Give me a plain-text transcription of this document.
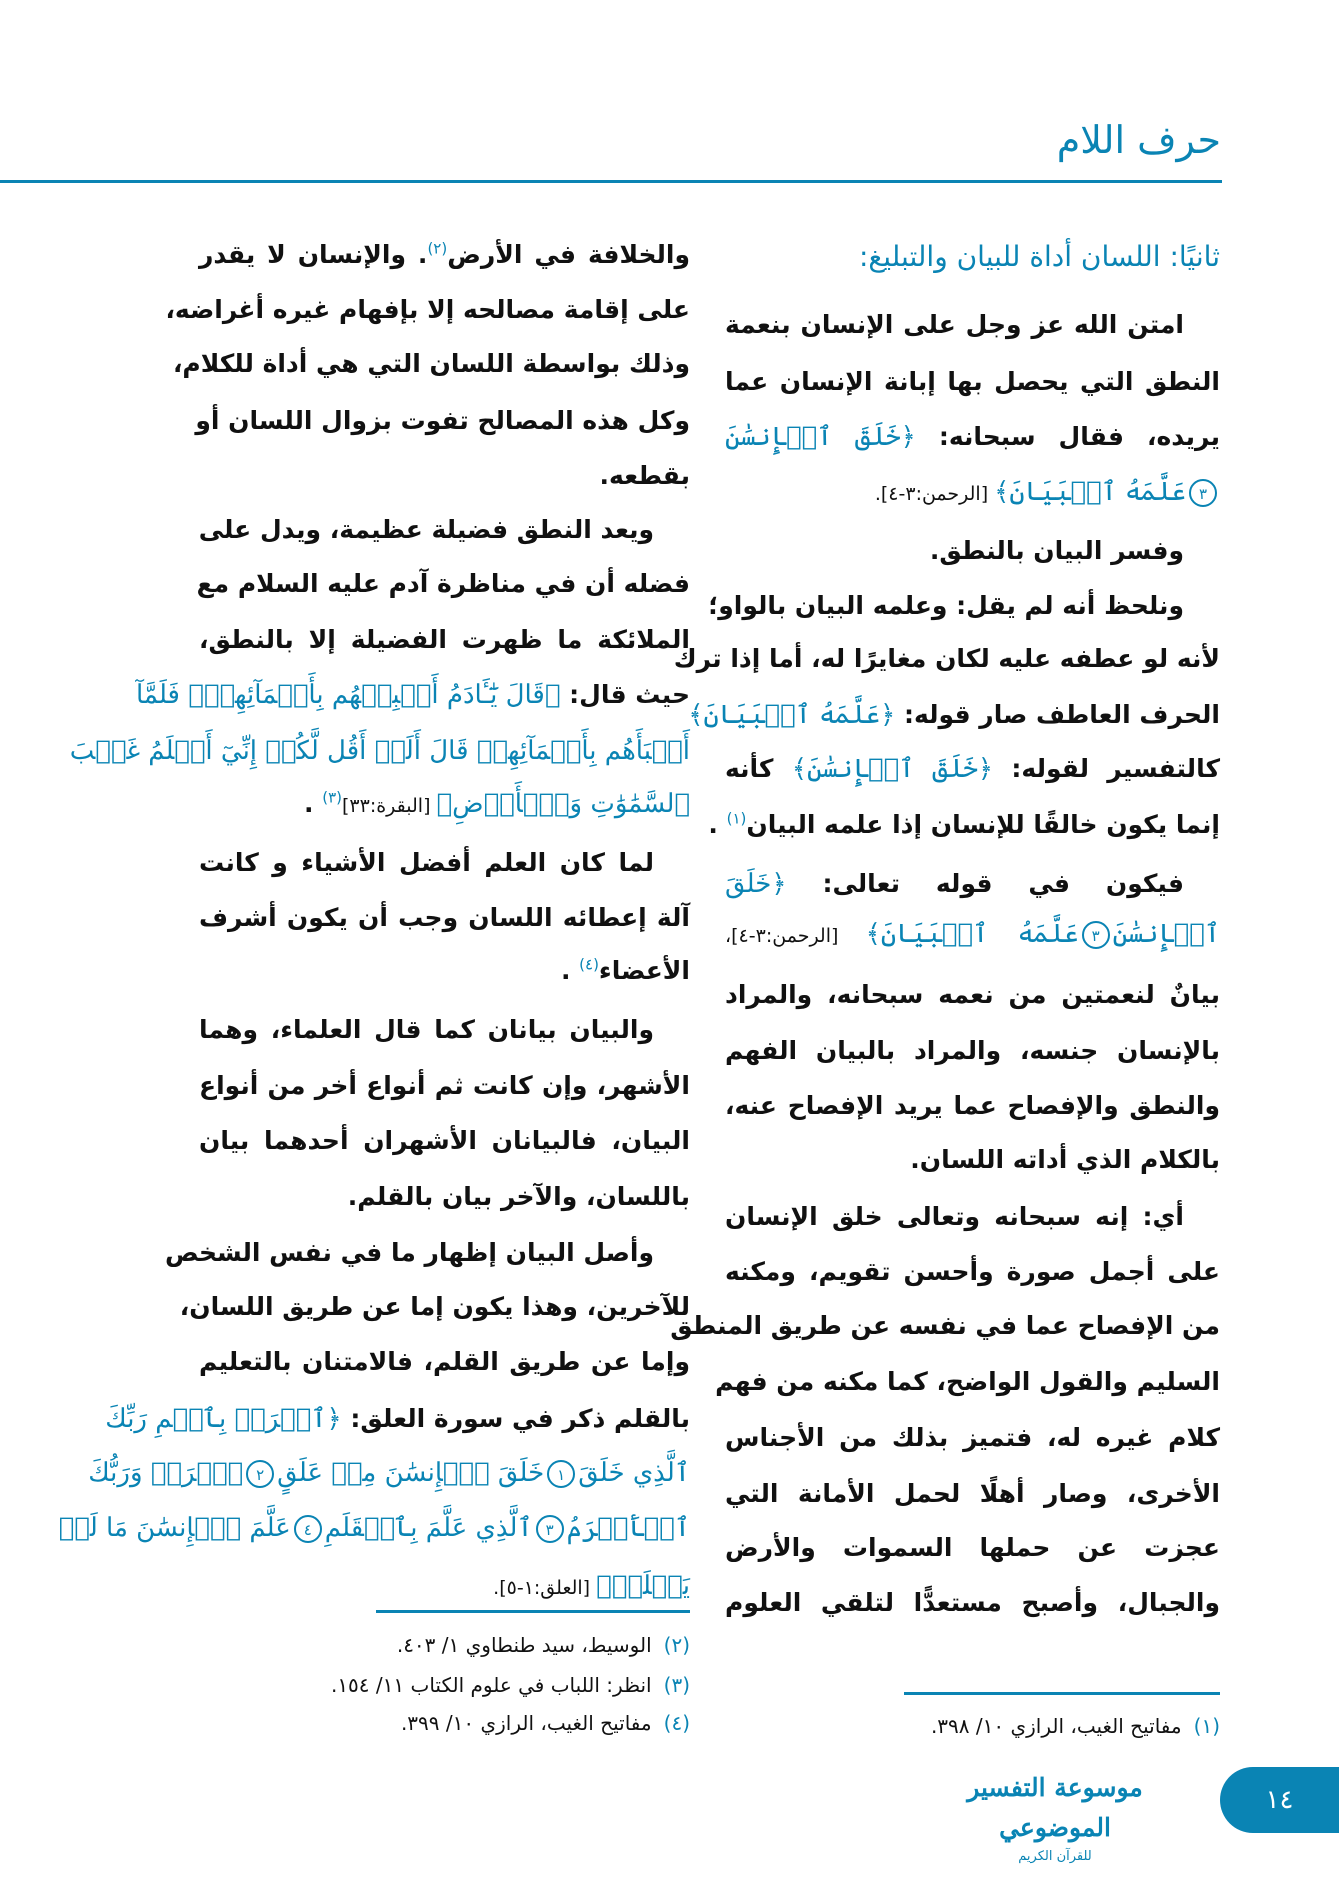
حرف اللام
ثانيًا: اللسان أداة للبيان والتبليغ:
امتن الله عز وجل على الإنسان بنعمة
النطق التي يحصل بها إبانة الإنسان عما
يريده، فقال سبحانه: ﴿خَلَقَ ٱلۡإِنسَٰنَ
٣عَلَّمَهُ ٱلۡبَيَانَ﴾ [الرحمن:٣-٤].
وفسر البيان بالنطق.
ونلحظ أنه لم يقل: وعلمه البيان بالواو؛
لأنه لو عطفه عليه لكان مغايرًا له، أما إذا ترك
الحرف العاطف صار قوله: ﴿عَلَّمَهُ ٱلۡبَيَانَ﴾
كالتفسير لقوله: ﴿خَلَقَ ٱلۡإِنسَٰنَ﴾ كأنه
إنما يكون خالقًا للإنسان إذا علمه البيان$^{(١)}$ .
فيكون في قوله تعالى: ﴿خَلَقَ
ٱلۡإِنسَٰنَ٣عَلَّمَهُ ٱلۡبَيَانَ﴾ [الرحمن:٣-٤]،
بيانٌ لنعمتين من نعمه سبحانه، والمراد
بالإنسان جنسه، والمراد بالبيان الفهم
والنطق والإفصاح عما يريد الإفصاح عنه،
بالكلام الذي أداته اللسان.
أي: إنه سبحانه وتعالى خلق الإنسان
على أجمل صورة وأحسن تقويم، ومكنه
من الإفصاح عما في نفسه عن طريق المنطق
السليم والقول الواضح، كما مكنه من فهم
كلام غيره له، فتميز بذلك من الأجناس
الأخرى، وصار أهلًا لحمل الأمانة التي
عجزت عن حملها السموات والأرض
والجبال، وأصبح مستعدًّا لتلقي العلوم
والخلافة في الأرض$^{(٢)}$. والإنسان لا يقدر
على إقامة مصالحه إلا بإفهام غيره أغراضه،
وذلك بواسطة اللسان التي هي أداة للكلام،
وكل هذه المصالح تفوت بزوال اللسان أو
بقطعه.
ويعد النطق فضيلة عظيمة، ويدل على
فضله أن في مناظرة آدم عليه السلام مع
الملائكة ما ظهرت الفضيلة إلا بالنطق،
حيث قال: ﴿قَالَ يَٰٓـَٔادَمُ أَنۢبِئۡهُم بِأَسۡمَآئِهِمۡۖ فَلَمَّآ
أَنۢبَأَهُم بِأَسۡمَآئِهِمۡ قَالَ أَلَمۡ أَقُل لَّكُمۡ إِنِّيٓ أَعۡلَمُ غَيۡبَ
ٱلسَّمَٰوَٰتِ وَٱلۡأَرۡضِ﴾ [البقرة:٣٣]$^{(٣)}$ .
لما كان العلم أفضل الأشياء و كانت
آلة إعطائه اللسان وجب أن يكون أشرف
الأعضاء$^{(٤)}$ .
والبيان بيانان كما قال العلماء، وهما
الأشهر، وإن كانت ثم أنواع أخر من أنواع
البيان، فالبيانان الأشهران أحدهما بيان
باللسان، والآخر بيان بالقلم.
وأصل البيان إظهار ما في نفس الشخص
للآخرين، وهذا يكون إما عن طريق اللسان،
وإما عن طريق القلم، فالامتنان بالتعليم
بالقلم ذكر في سورة العلق: ﴿ٱقۡرَأۡ بِٱسۡمِ رَبِّكَ
ٱلَّذِي خَلَقَ١خَلَقَ ٱلۡإِنسَٰنَ مِنۡ عَلَقٍ٢ٱقۡرَأۡ وَرَبُّكَ
ٱلۡأَكۡرَمُ٣ٱلَّذِي عَلَّمَ بِٱلۡقَلَمِ٤عَلَّمَ ٱلۡإِنسَٰنَ مَا لَمۡ
يَعۡلَمۡ﴾ [العلق:١-٥].
(٢)الوسيط، سيد طنطاوي ١/ ٤٠٣.
(٣)انظر: اللباب في علوم الكتاب ١١/ ١٥٤.
(٤)مفاتيح الغيب، الرازي ١٠/ ٣٩٩.	(١)مفاتيح الغيب، الرازي ١٠/ ٣٩٨.
موسوعة التفسير الموضوعي
للقرآن الكريم
١٤
